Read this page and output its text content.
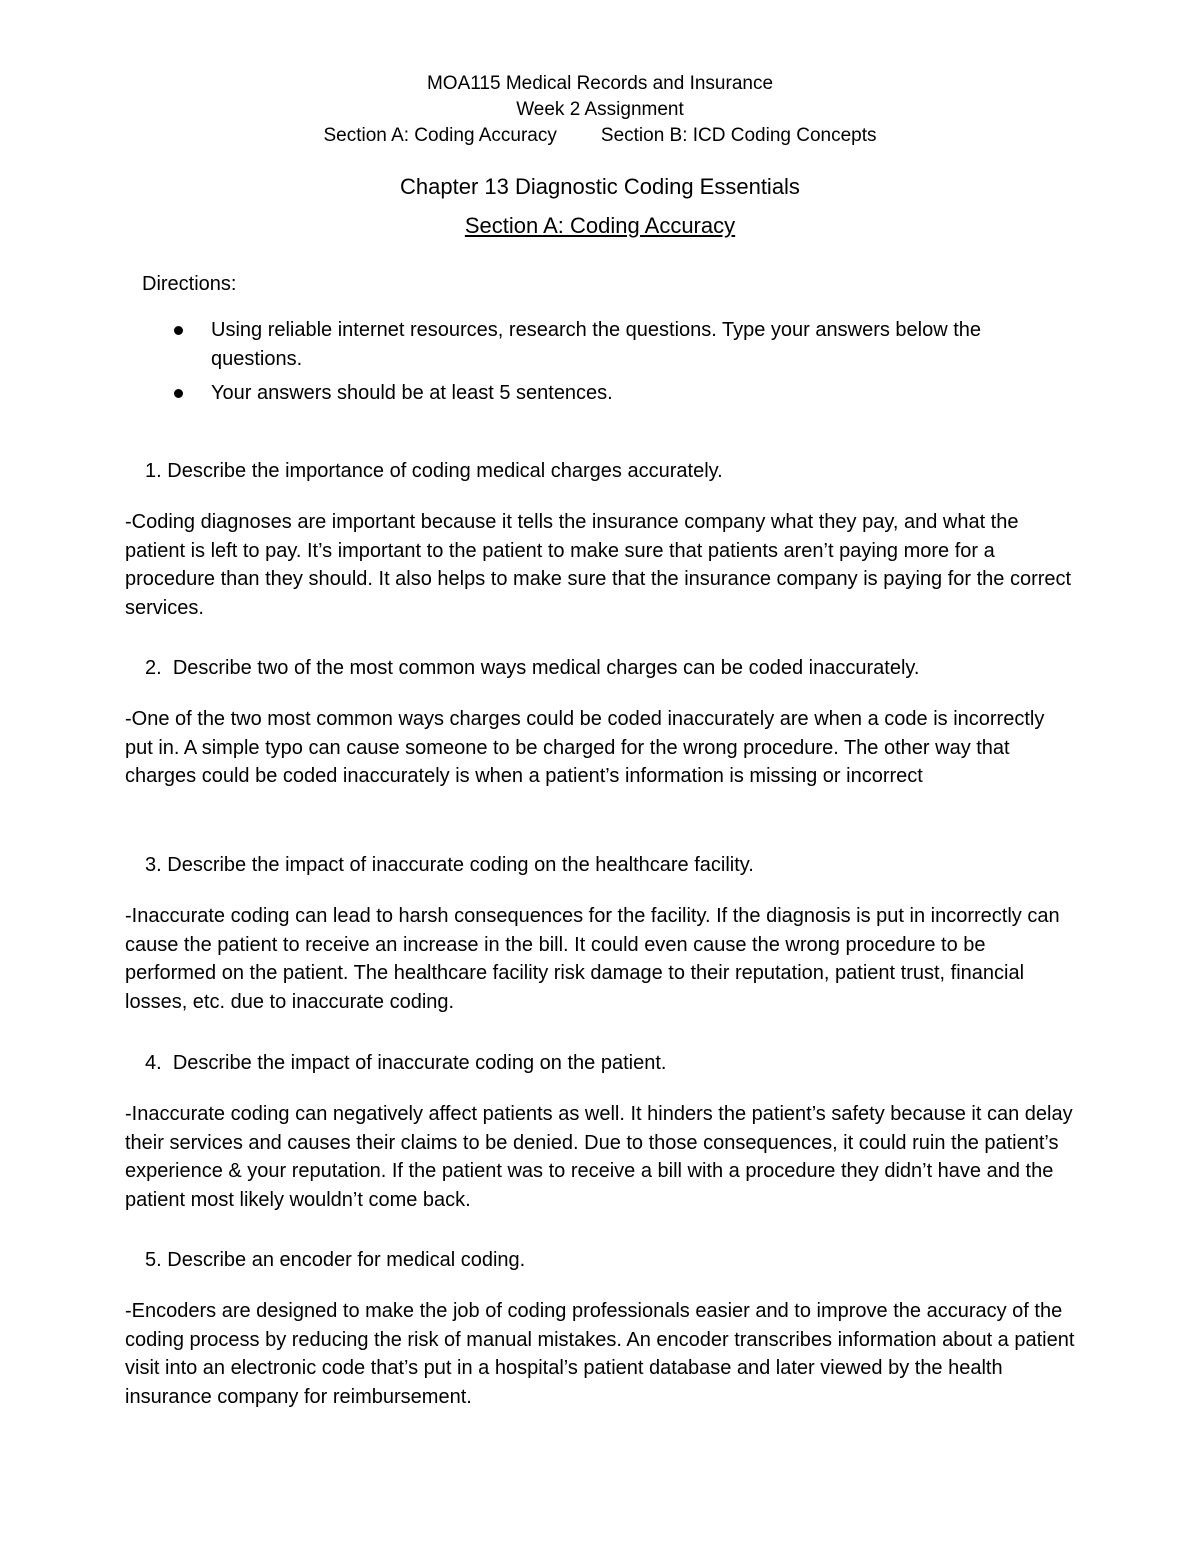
MOA115 Medical Records and Insurance
Week 2 Assignment
Section A: Coding Accuracy Section B: ICD Coding Concepts
Chapter 13 Diagnostic Coding Essentials
Section A: Coding Accuracy
Directions:
Using reliable internet resources, research the questions. Type your answers below the questions.
Your answers should be at least 5 sentences.
1. Describe the importance of coding medical charges accurately.
-Coding diagnoses are important because it tells the insurance company what they pay, and what the patient is left to pay. It’s important to the patient to make sure that patients aren’t paying more for a procedure than they should. It also helps to make sure that the insurance company is paying for the correct services.
2. Describe two of the most common ways medical charges can be coded inaccurately.
-One of the two most common ways charges could be coded inaccurately are when a code is incorrectly put in. A simple typo can cause someone to be charged for the wrong procedure. The other way that charges could be coded inaccurately is when a patient’s information is missing or incorrect
3. Describe the impact of inaccurate coding on the healthcare facility.
-Inaccurate coding can lead to harsh consequences for the facility. If the diagnosis is put in incorrectly can cause the patient to receive an increase in the bill. It could even cause the wrong procedure to be performed on the patient. The healthcare facility risk damage to their reputation, patient trust, financial losses, etc. due to inaccurate coding.
4. Describe the impact of inaccurate coding on the patient.
-Inaccurate coding can negatively affect patients as well. It hinders the patient’s safety because it can delay their services and causes their claims to be denied. Due to those consequences, it could ruin the patient’s experience & your reputation. If the patient was to receive a bill with a procedure they didn’t have and the patient most likely wouldn’t come back.
5. Describe an encoder for medical coding.
-Encoders are designed to make the job of coding professionals easier and to improve the accuracy of the coding process by reducing the risk of manual mistakes. An encoder transcribes information about a patient visit into an electronic code that’s put in a hospital’s patient database and later viewed by the health insurance company for reimbursement.
